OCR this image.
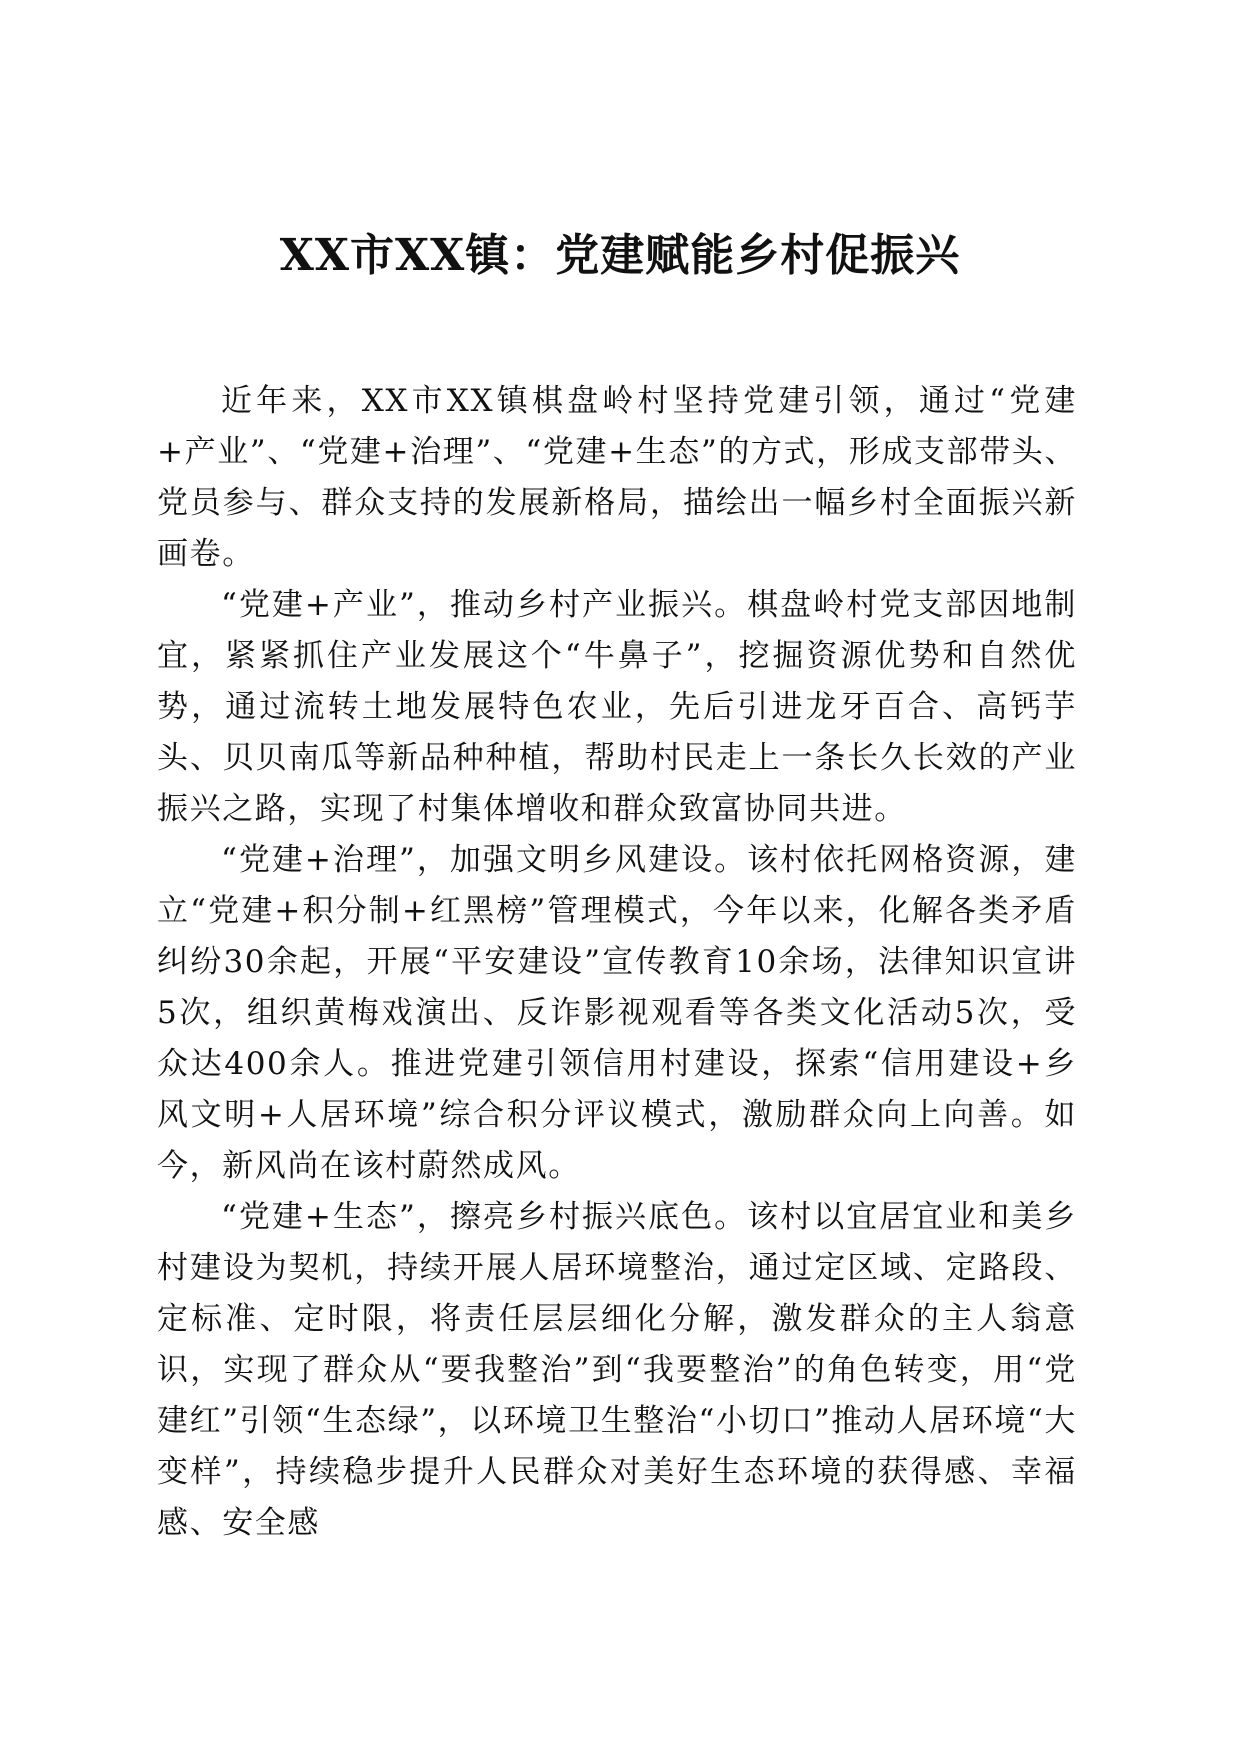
XX市XX镇：党建赋能乡村促振兴

近年来，XX市XX镇棋盘岭村坚持党建引领，通过“党建+产业”、“党建+治理”、“党建+生态”的方式，形成支部带头、党员参与、群众支持的发展新格局，描绘出一幅乡村全面振兴新画卷。

“党建+产业”，推动乡村产业振兴。棋盘岭村党支部因地制宜，紧紧抓住产业发展这个“牛鼻子”，挖掘资源优势和自然优势，通过流转土地发展特色农业，先后引进龙牙百合、高钙芋头、贝贝南瓜等新品种种植，帮助村民走上一条长久长效的产业振兴之路，实现了村集体增收和群众致富协同共进。

“党建+治理”，加强文明乡风建设。该村依托网格资源，建立“党建+积分制+红黑榜”管理模式，今年以来，化解各类矛盾纠纷30余起，开展“平安建设”宣传教育10余场，法律知识宣讲5次，组织黄梅戏演出、反诈影视观看等各类文化活动5次，受众达400余人。推进党建引领信用村建设，探索“信用建设+乡风文明+人居环境”综合积分评议模式，激励群众向上向善。如今，新风尚在该村蔚然成风。

“党建+生态”，擦亮乡村振兴底色。该村以宜居宜业和美乡村建设为契机，持续开展人居环境整治，通过定区域、定路段、定标准、定时限，将责任层层细化分解，激发群众的主人翁意识，实现了群众从“要我整治”到“我要整治”的角色转变，用“党建红”引领“生态绿”，以环境卫生整治“小切口”推动人居环境“大变样”，持续稳步提升人民群众对美好生态环境的获得感、幸福感、安全感
